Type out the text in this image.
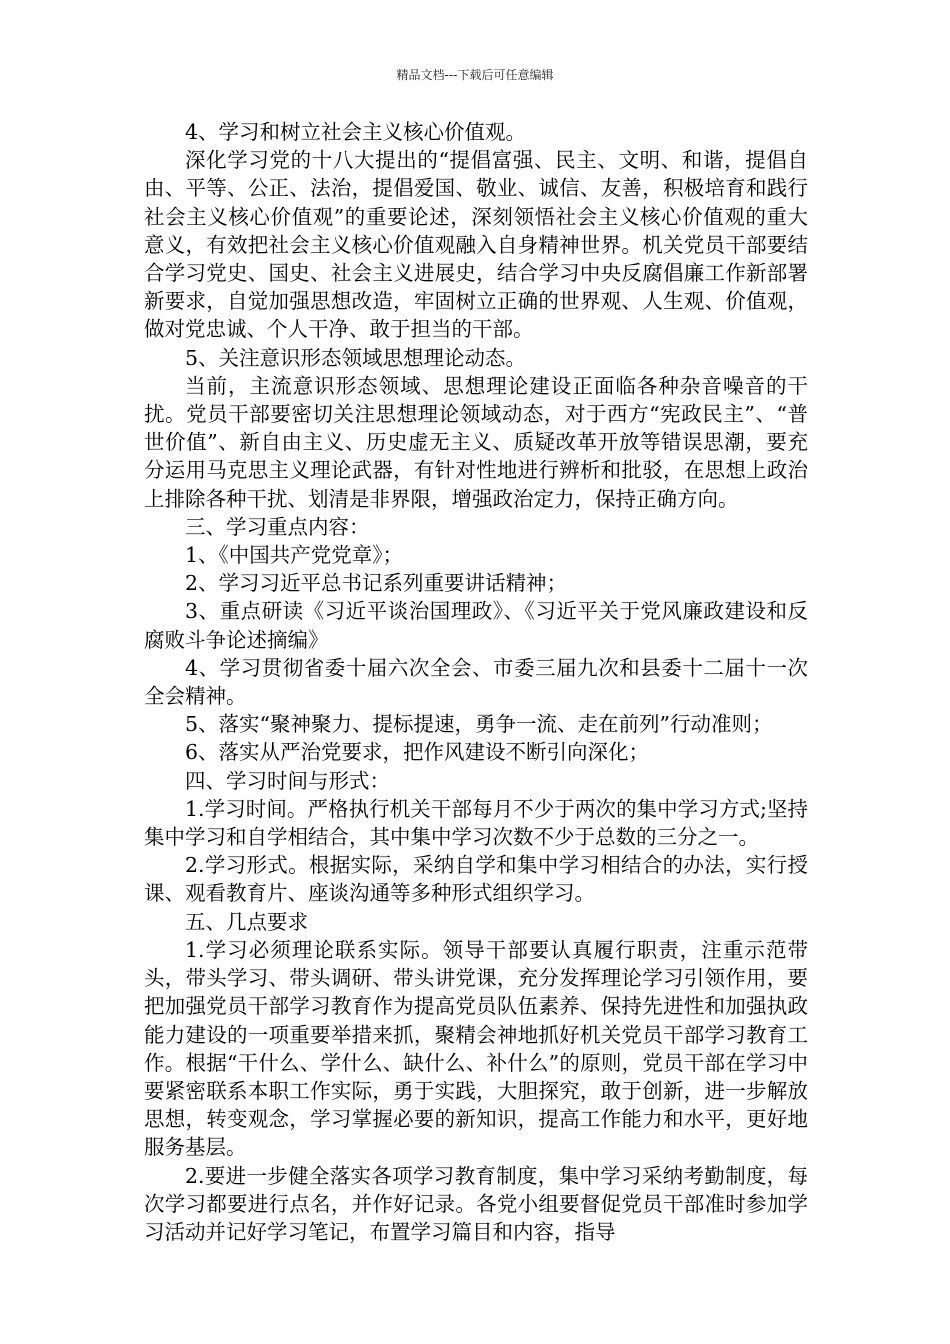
精品文档---下载后可任意编辑

4、学习和树立社会主义核心价值观。

深化学习党的十八大提出的“提倡富强、民主、文明、和谐，提倡自由、平等、公正、法治，提倡爱国、敬业、诚信、友善，积极培育和践行社会主义核心价值观”的重要论述，深刻领悟社会主义核心价值观的重大意义，有效把社会主义核心价值观融入自身精神世界。机关党员干部要结合学习党史、国史、社会主义进展史，结合学习中央反腐倡廉工作新部署新要求，自觉加强思想改造，牢固树立正确的世界观、人生观、价值观，做对党忠诚、个人干净、敢于担当的干部。

5、关注意识形态领域思想理论动态。

当前，主流意识形态领域、思想理论建设正面临各种杂音噪音的干扰。党员干部要密切关注思想理论领域动态，对于西方“宪政民主”、“普世价值”、新自由主义、历史虚无主义、质疑改革开放等错误思潮，要充分运用马克思主义理论武器，有针对性地进行辨析和批驳，在思想上政治上排除各种干扰、划清是非界限，增强政治定力，保持正确方向。

三、学习重点内容：

1、《中国共产党党章》；

2、学习习近平总书记系列重要讲话精神；

3、重点研读《习近平谈治国理政》、《习近平关于党风廉政建设和反腐败斗争论述摘编》

4、学习贯彻省委十届六次全会、市委三届九次和县委十二届十一次全会精神。

5、落实“聚神聚力、提标提速，勇争一流、走在前列”行动准则；

6、落实从严治党要求，把作风建设不断引向深化；

四、学习时间与形式：

1.学习时间。严格执行机关干部每月不少于两次的集中学习方式;坚持集中学习和自学相结合，其中集中学习次数不少于总数的三分之一。

2.学习形式。根据实际，采纳自学和集中学习相结合的办法，实行授课、观看教育片、座谈沟通等多种形式组织学习。

五、几点要求

1.学习必须理论联系实际。领导干部要认真履行职责，注重示范带头，带头学习、带头调研、带头讲党课，充分发挥理论学习引领作用，要把加强党员干部学习教育作为提高党员队伍素养、保持先进性和加强执政能力建设的一项重要举措来抓，聚精会神地抓好机关党员干部学习教育工作。根据“干什么、学什么、缺什么、补什么”的原则，党员干部在学习中要紧密联系本职工作实际，勇于实践，大胆探究，敢于创新，进一步解放思想，转变观念，学习掌握必要的新知识，提高工作能力和水平，更好地服务基层。

2.要进一步健全落实各项学习教育制度，集中学习采纳考勤制度，每次学习都要进行点名，并作好记录。各党小组要督促党员干部准时参加学习活动并记好学习笔记，布置学习篇目和内容，指导
